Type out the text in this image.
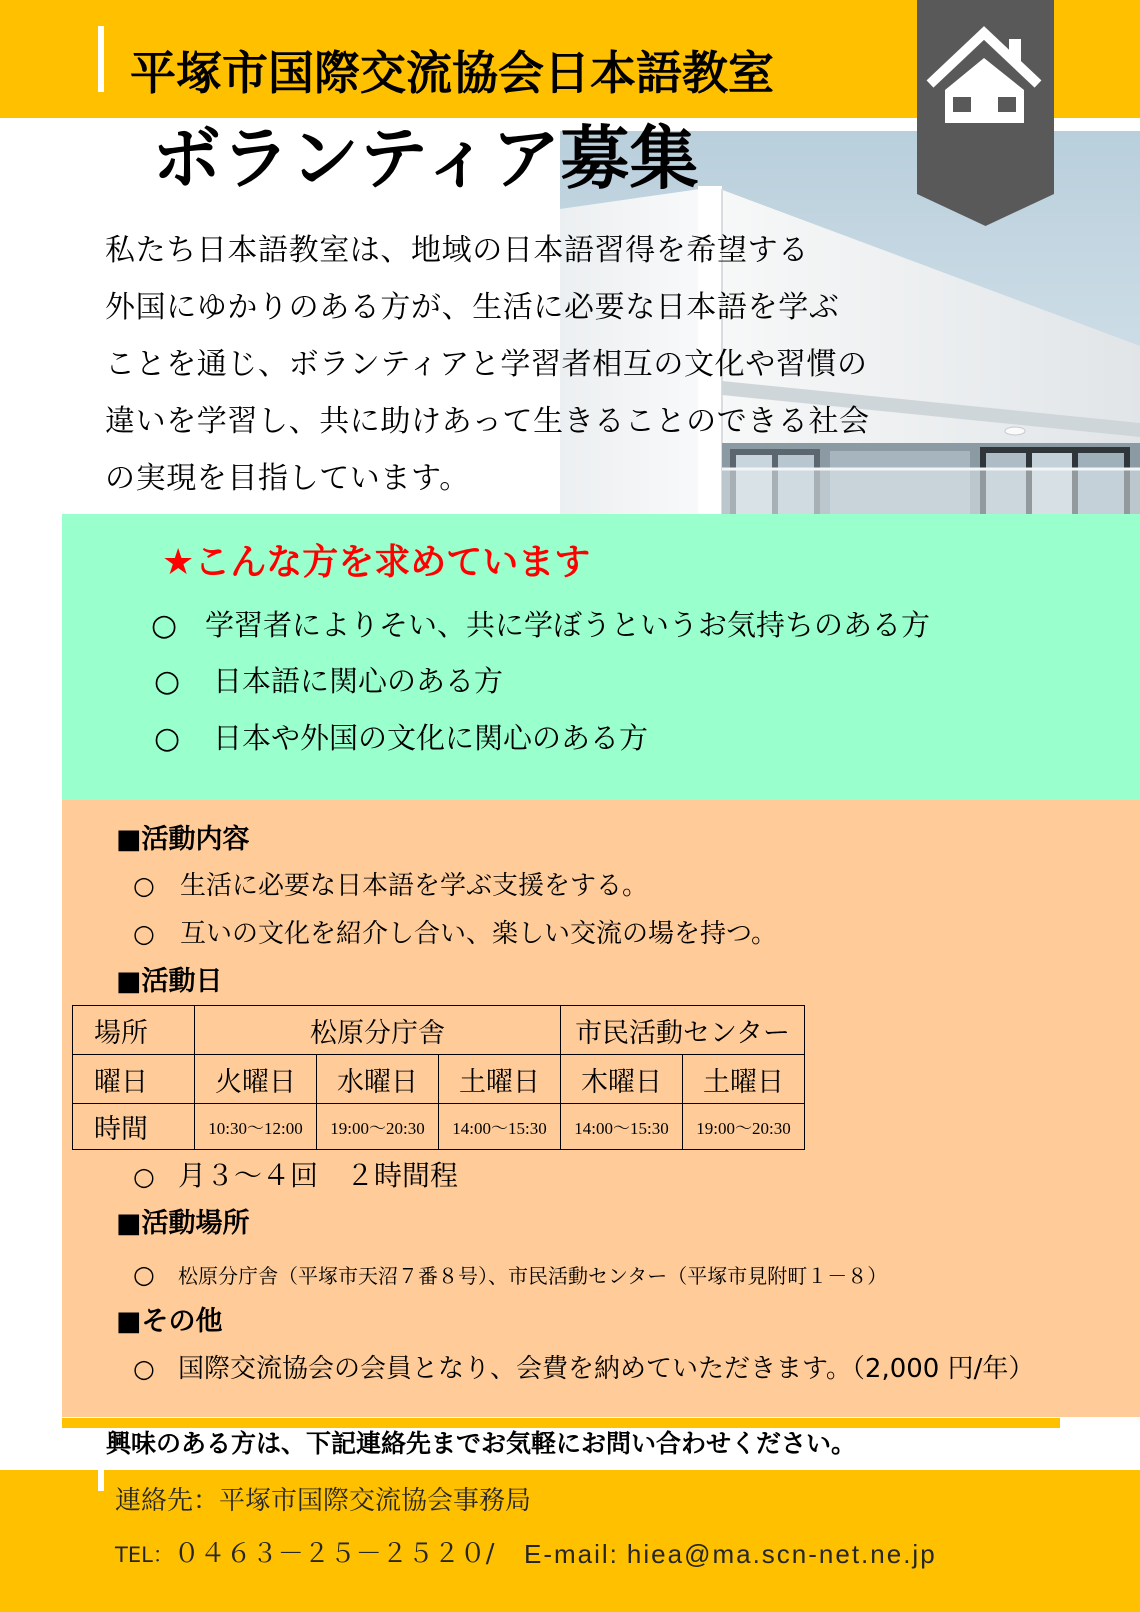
平塚市国際交流協会日本語教室
ボランティア募集
私たち日本語教室は、地域の日本語習得を希望する
外国にゆかりのある方が、生活に必要な日本語を学ぶ
ことを通じ、ボランティアと学習者相互の文化や習慣の
違いを学習し、共に助けあって生きることのできる社会
の実現を目指しています。
★こんな方を求めています
○ 学習者によりそい、共に学ぼうというお気持ちのある方
○ 日本語に関心のある方
○ 日本や外国の文化に関心のある方
■活動内容
○ 生活に必要な日本語を学ぶ支援をする。
○ 互いの文化を紹介し合い、楽しい交流の場を持つ。
■活動日
場所	松原分庁舎			市民活動センター	
曜日	火曜日	水曜日	土曜日	木曜日	土曜日
時間	10:30～12:00	19:00～20:30	14:00～15:30	14:00～15:30	19:00～20:30
○ 月３～４回　２時間程
■活動場所
○ 松原分庁舎（平塚市天沼７番８号）、市民活動センター（平塚市見附町１－８）
■その他
○ 国際交流協会の会員となり、会費を納めていただきます。（2,000 円/年）
興味のある方は、下記連絡先までお気軽にお問い合わせください。
連絡先：平塚市国際交流協会事務局
TEL：０４６３－２５－２５２０/ E-mail: hiea@ma.scn-net.ne.jp
